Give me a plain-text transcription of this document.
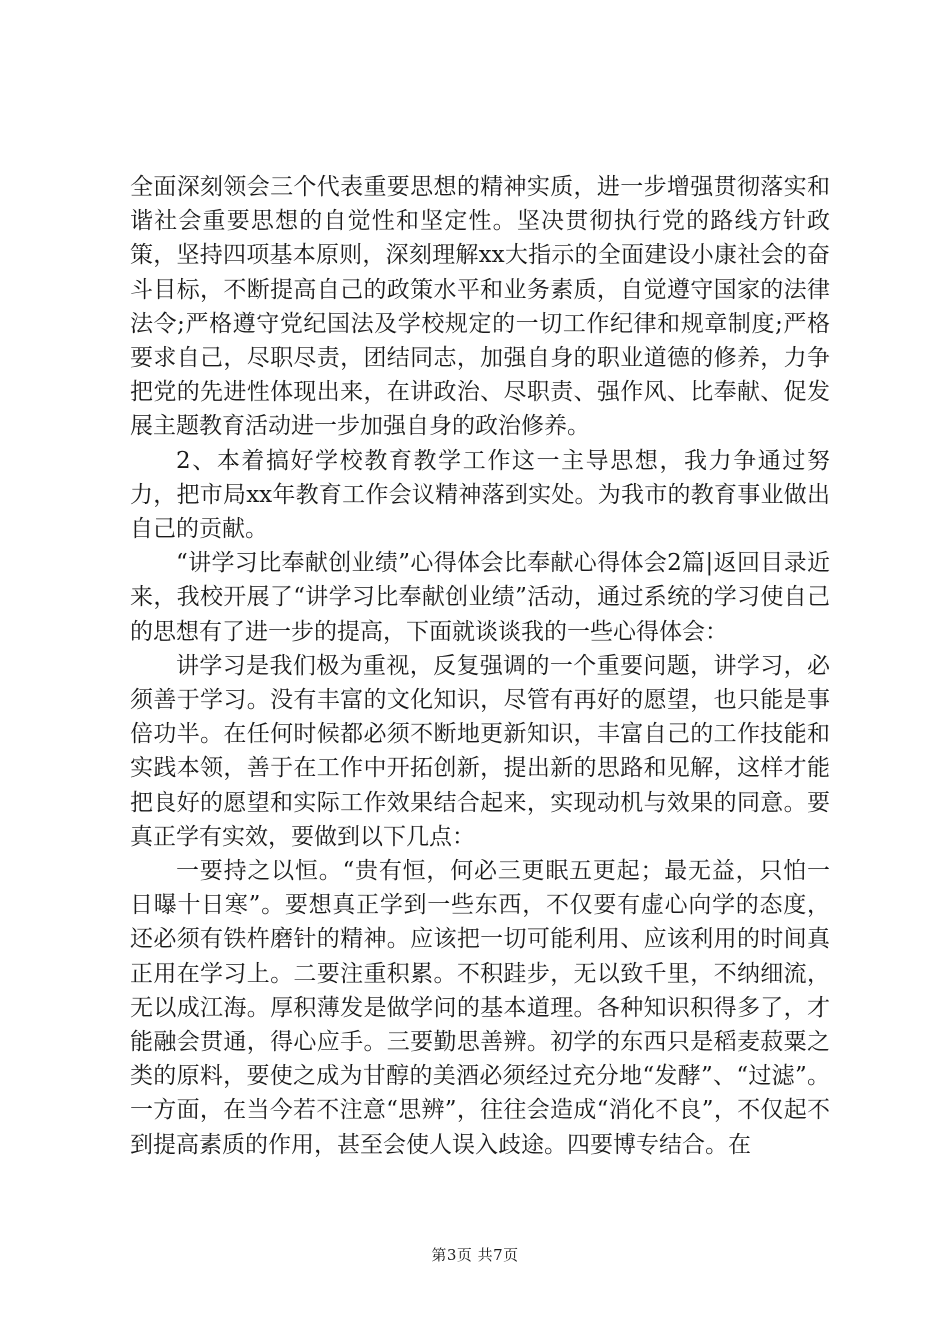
全面深刻领会三个代表重要思想的精神实质，进一步增强贯彻落实和谐社会重要思想的自觉性和坚定性。坚决贯彻执行党的路线方针政策，坚持四项基本原则，深刻理解xx大指示的全面建设小康社会的奋斗目标，不断提高自己的政策水平和业务素质，自觉遵守国家的法律法令;严格遵守党纪国法及学校规定的一切工作纪律和规章制度;严格要求自己，尽职尽责，团结同志，加强自身的职业道德的修养，力争把党的先进性体现出来，在讲政治、尽职责、强作风、比奉献、促发展主题教育活动进一步加强自身的政治修养。

2、本着搞好学校教育教学工作这一主导思想，我力争通过努力，把市局xx年教育工作会议精神落到实处。为我市的教育事业做出自己的贡献。

“讲学习比奉献创业绩”心得体会比奉献心得体会2篇|返回目录近来，我校开展了“讲学习比奉献创业绩”活动，通过系统的学习使自己的思想有了进一步的提高，下面就谈谈我的一些心得体会：

讲学习是我们极为重视，反复强调的一个重要问题，讲学习，必须善于学习。没有丰富的文化知识，尽管有再好的愿望，也只能是事倍功半。在任何时候都必须不断地更新知识，丰富自己的工作技能和实践本领，善于在工作中开拓创新，提出新的思路和见解，这样才能把良好的愿望和实际工作效果结合起来，实现动机与效果的同意。要真正学有实效，要做到以下几点：

一要持之以恒。“贵有恒，何必三更眠五更起；最无益，只怕一日曝十日寒”。要想真正学到一些东西，不仅要有虚心向学的态度，还必须有铁杵磨针的精神。应该把一切可能利用、应该利用的时间真正用在学习上。二要注重积累。不积跬步，无以致千里，不纳细流，无以成江海。厚积薄发是做学问的基本道理。各种知识积得多了，才能融会贯通，得心应手。三要勤思善辨。初学的东西只是稻麦菽粟之类的原料，要使之成为甘醇的美酒必须经过充分地“发酵”、“过滤”。一方面，在当今若不注意“思辨”，往往会造成“消化不良”，不仅起不到提高素质的作用，甚至会使人误入歧途。四要博专结合。在

第3页 共7页
